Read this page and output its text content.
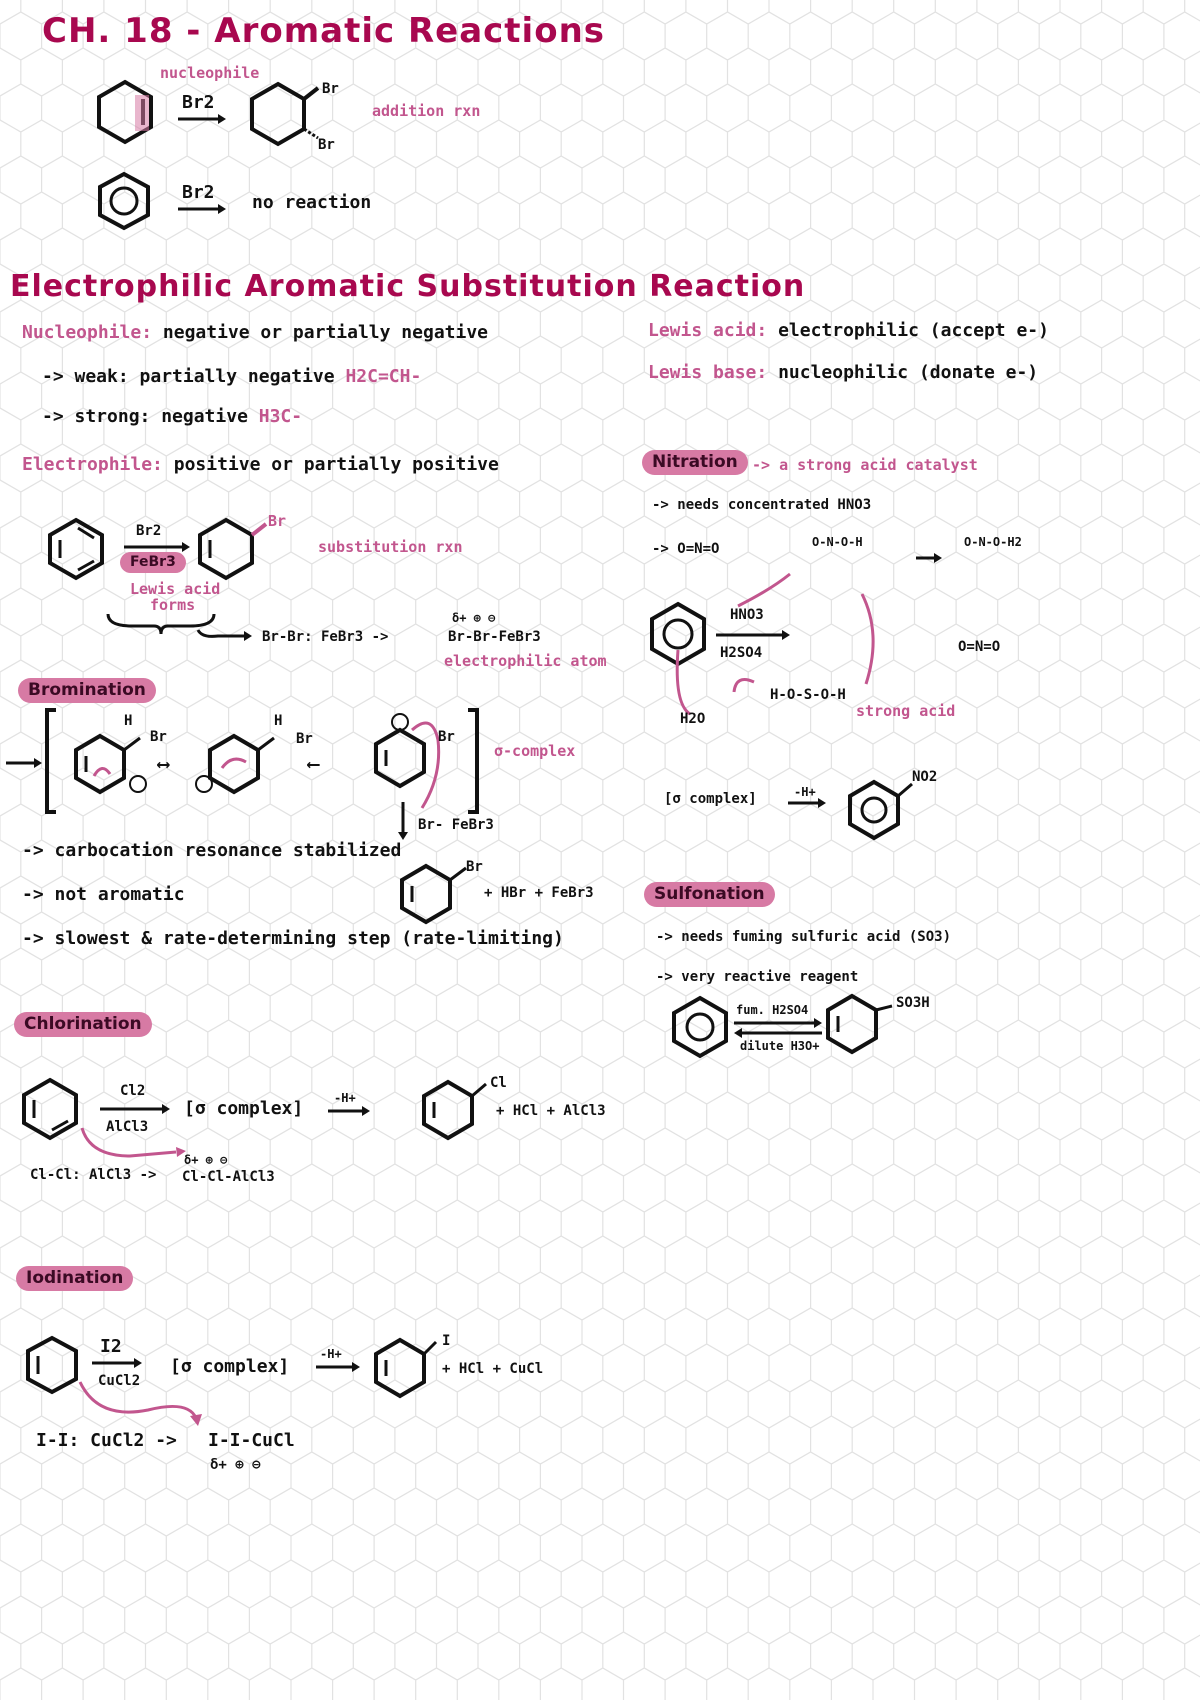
CH. 18 - Aromatic Reactions
nucleophile
Br2
Br
Br
addition rxn
Br2 no reaction
Electrophilic Aromatic Substitution Reaction
Nucleophile: negative or partially negative
-> weak: partially negative H2C=CH-
-> strong: negative H3C-
Electrophile: positive or partially positive
Lewis acid: electrophilic (accept e-)
Lewis base: nucleophilic (donate e-)
Br2
FeBr3
Lewis acid
forms
Br
substitution rxn
Br-Br: FeBr3 ->
δ+ ⊕ ⊖
Br-Br-FeBr3
electrophilic atom
Bromination
H
Br
⟷
H
Br
⟵
Br
σ-complex
Br- FeBr3
Br
+ HBr + FeBr3
-> carbocation resonance stabilized
-> not aromatic
-> slowest & rate-determining step (rate-limiting)
Nitration -> a strong acid catalyst
-> needs concentrated HNO3
-> O=N=O
HNO3
H2SO4
O-N-O-H	O-N-O-H2
H-O-S-O-H
H2O	strong acid
O=N=O
[σ complex]	-H+
NO2
Sulfonation
-> needs fuming sulfuric acid (SO3)
-> very reactive reagent
fum. H2SO4
dilute H3O+
SO3H
Chlorination
Cl2
AlCl3
[σ complex]	-H+
Cl
+ HCl + AlCl3
Cl-Cl: AlCl3 ->
δ+ ⊕ ⊖
Cl-Cl-AlCl3
Iodination
I2
CuCl2
[σ complex]
-H+
I
+ HCl + CuCl
I-I: CuCl2 -> I-I-CuCl
δ+ ⊕ ⊖
